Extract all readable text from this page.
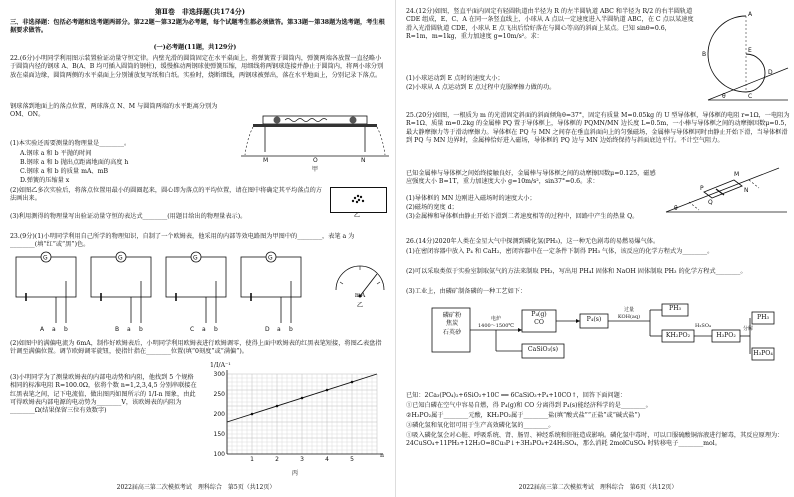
第Ⅱ卷　非选择题(共174分)
三、非选择题：包括必考题和选考题两部分。第22题～第32题为必考题，每个试题考生都必须做答。第33题～第38题为选考题，考生根据要求做答。
(一)必考题(11题，共129分)
22.(6分)小明同学利用图示装置验证动量守恒定律。内壁光滑的圆筒固定在水平桌面上，将弹簧置于圆筒内，弹簧两端各放置一直径略小于圆筒内径的钢球 A、B(A、B 均可插入圆筒的钢柱)，缓慢推动两钢球使弹簧压缩，用细线将两钢球连接并静止于圆筒内，将两小球分别放在桌面边缘，圆筒两侧的水平桌面上分别铺放复写纸和白纸。实验时，烧断细线，两钢球被弹出，落在水平地面上，分别记录下落点。
钢球落到地面上的落点位置，两球落点 N、M 与圆筒两端的水平距离分别为 OM、ON。
M	O	N
甲
(1)本实验还需要测量的物理量是________。
A.钢球 a 和 b 平抛的时间
B.钢球 a 和 b 抛出点距离地面的高度 h
C.钢球 a 和 b 的质量 mA、mB
D.弹簧的压缩量 x
(2)如图乙多次实验后，将落点位置用最小的圆圈起来，圆心即为落点的平均位置，请在图中将确定其平均落点的方法画出来。
乙
(3)利用测得的物理量写出验证动量守恒的表达式________(用题目给出的物理量表示)。
23.(9分)(1)小明同学利用自己所学的物理知识，自制了一个欧姆表，他采用的内部等效电路图为甲图中的________，表笔 a 为________(填“红”或“黑”)色。
G
a b
A
G
a b
B
G
a b
C
G
a b
D
mA
乙
(2)如图中的满偏电流为 6mA，制作好欧姆表后，小明同学利用欧姆表进行欧姆调零，使得上面中欧姆表的红黑表笔短接，将图乙表盘指针调至满偏位置。调节欧姆调零旋钮，使指针指在________位置(填“0刻度”或“满偏”)。
(3)小明同学为了测量欧姆表的内部电动势和内阻，他找到 5 个规格相同的标准电阻 R=100.0Ω，依将个数 n=1,2,3,4,5 分别串联接在红黑表笔之间，记下电流值，做出图丙如图所示的 1/I-n 图象，由此可得欧姆表内部电源的电动势为________V，该欧姆表的内阻为________Ω(结果保留三位有效数字)
100
150
200
250
300
1	2	3	4	5
1/I/A⁻¹
n
丙
2022届高三第二次模拟考试　理科综合　第5页（共12页）
24.(12分)如图，竖直平面内固定有轻圆轨道由半径为 R 的左半圆轨道 ABC 和半径为 R/2 的右半圆轨道 CDE 组成，E、C、A 在同一条竖直线上，小球从 A 点以一定速度进入半圆轨道 ABC，在 C 点以某速度滑入光滑圆轨道 CDE，小球从 E 点飞出后恰好落在与圆心等高的斜面上某点。已知 sinθ=0.6，R=1m，m=1kg，重力加速度 g=10m/s²。求：
(1)小球运动到 E 点时的速度大小；
(2)小球从 A 点运动到 E 点过程中克服摩擦力做的功。
A
B
C
D
E
θ
25.(20分)如图，一根质为 m 的光滑固定斜面的斜面倾角θ=37°，固定有质量 M=0.05kg 的 U 型导体框，导体框的电阻 r=1Ω，一电阻为 R=1Ω、质量 m=0.2kg 的金属棒 PQ 置于导体框上，导体框的 PQMN/MN 边长度 L=0.5m，一小棒与导体框之间的动摩擦因数μ=0.5，最大静摩擦力等于滑动摩擦力。导体框在 PQ 与 MN 之间存在垂直斜面向上的匀强磁场，金属棒与导体框同时由静止开始下滑，当导体框滑到 PQ 与 MN 边界时，金属棒恰好进入磁场，导体框的 PQ 边与 MN 边始终保持与斜面底边平行。不计空气阻力。
已知金属棒与导体框之间始终接触良好，金属棒与导体框之间的动摩擦因数μ=0.125，磁感应强度大小 B=1T，重力加速度大小 g=10m/s²，sin37°=0.6。求：
(1)导体框的 MN 边刚进入磁场时的速度大小；
(2)磁场的宽度 d；
(3)金属棒和导体框由静止开始下滑到二者速度相等的过程中，回路中产生的热量 Q。
P
M
N
Q
θ
26.(14分)2020年人类在金星大气中探测到磷化氢(PH₃)，这一种无色剧毒的易燃易爆气体。
(1)在密闭容器中放入 P₄ 和 CaH₂，密闭容器中在一定条件下制得 PH₃ 气体，该反应的化学方程式为________。
(2)可以采取类似于实验室制取氨气的方法来制取 PH₃，写出用 PH₄I 固体和 NaOH 固体制取 PH₃ 的化学方程式________。
(3)工业上，由磷矿制备磷的一种工艺如下：
磷矿粉
焦炭
石英砂
电炉
1400～1500℃
P₄(g)
CO
CaSiO₃(s)
P₄(s)
过量
KOH(aq)
PH₃
KH₂PO₂
H₂SO₄
H₃PO₂
分解
PH₃
H₃PO₄
已知：2Ca₃(PO₄)₂+6SiO₂+10C ══ 6CaSiO₃+P₄+10CO↑，回答下面问题：
①已知白磷在空气中容易自燃，得 P₄(g)和 CO 分离得到 P₄(s)能经济科学的是________。
②H₃PO₂属于________元酸，KH₂PO₂属于________盐(填“酸式盐”“正盐”或“碱式盐”)
③磷化氢和氧化铝可用于生产高效磷化氢的________。
①吸入磷化氢会对心脏、呼吸系统、肾、肠胃、神经系统和肝脏造成影响。磷化氢中毒时，可以口服硫酸铜溶液进行解毒，其反应原理为：24CuSO₄+11PH₃+12H₂O=8Cu₃P↓+3H₃PO₄+24H₂SO₄，那么消耗 2molCuSO₄ 时转移电子________mol。
2022届高三第二次模拟考试　理科综合　第6页（共12页）
